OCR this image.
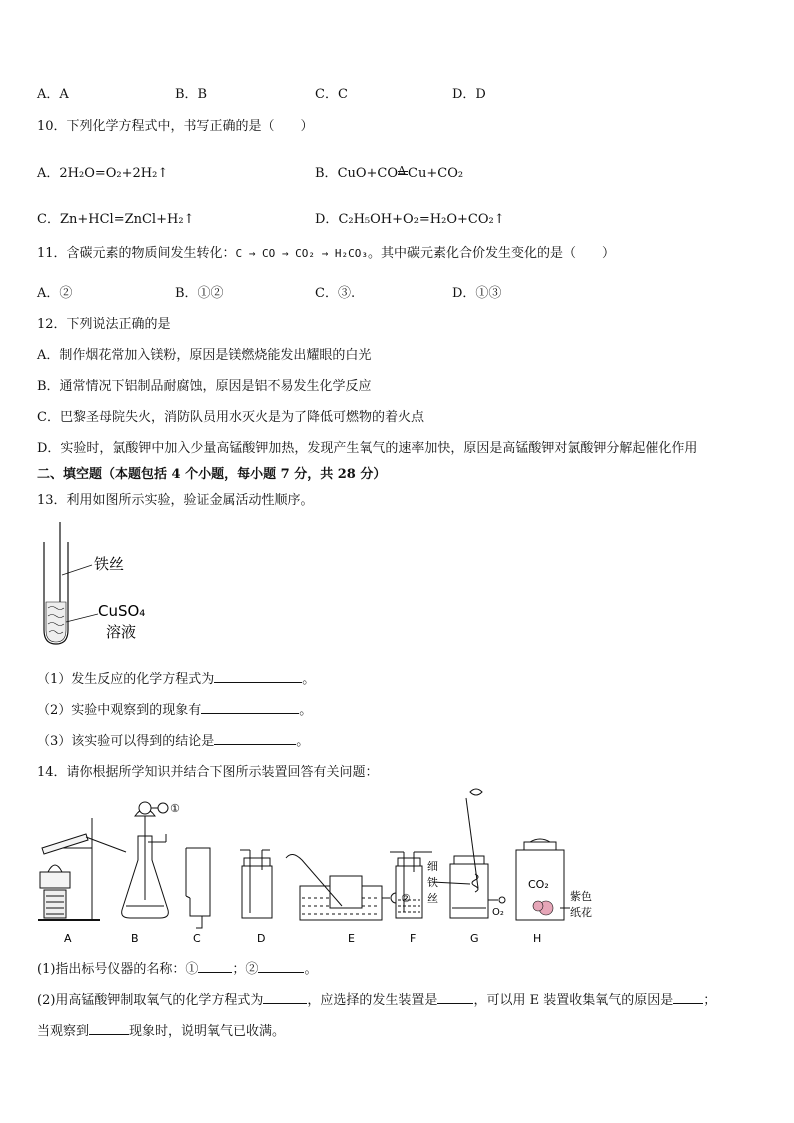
A．A	B．B	C．C	D．D
10．下列化学方程式中，书写正确的是（　　）
A．2H₂O=O₂+2H₂↑	B．CuO+CO Δ Cu+CO₂
C．Zn+HCl=ZnCl+H₂↑	D．C₂H₅OH+O₂=H₂O+CO₂↑
11．含碳元素的物质间发生转化：C → CO → CO₂ → H₂CO₃。其中碳元素化合价发生变化的是（　　）
A．②	B．①②	C．③.	D．①③
12．下列说法正确的是
A．制作烟花常加入镁粉，原因是镁燃烧能发出耀眼的白光
B．通常情况下铝制品耐腐蚀，原因是铝不易发生化学反应
C．巴黎圣母院失火，消防队员用水灭火是为了降低可燃物的着火点
D．实验时，氯酸钾中加入少量高锰酸钾加热，发现产生氧气的速率加快，原因是高锰酸钾对氯酸钾分解起催化作用
二、填空题（本题包括 4 个小题，每小题 7 分，共 28 分）
13．利用如图所示实验，验证金属活动性顺序。
铁丝
CuSO₄
溶液
（1）发生反应的化学方程式为	。
（2）实验中观察到的现象有	。
（3）该实验可以得到的结论是	。
14．请你根据所学知识并结合下图所示装置回答有关问题：
①
②
细
铁
丝
O₂
CO₂
紫色
纸花
A	B	C	D	E	F	G	H
(1)指出标号仪器的名称：①	；②	。
(2)用高锰酸钾制取氧气的化学方程式为	，应选择的发生装置是	，可以用 E 装置收集氧气的原因是 ；
当观察到	现象时，说明氧气已收满。
